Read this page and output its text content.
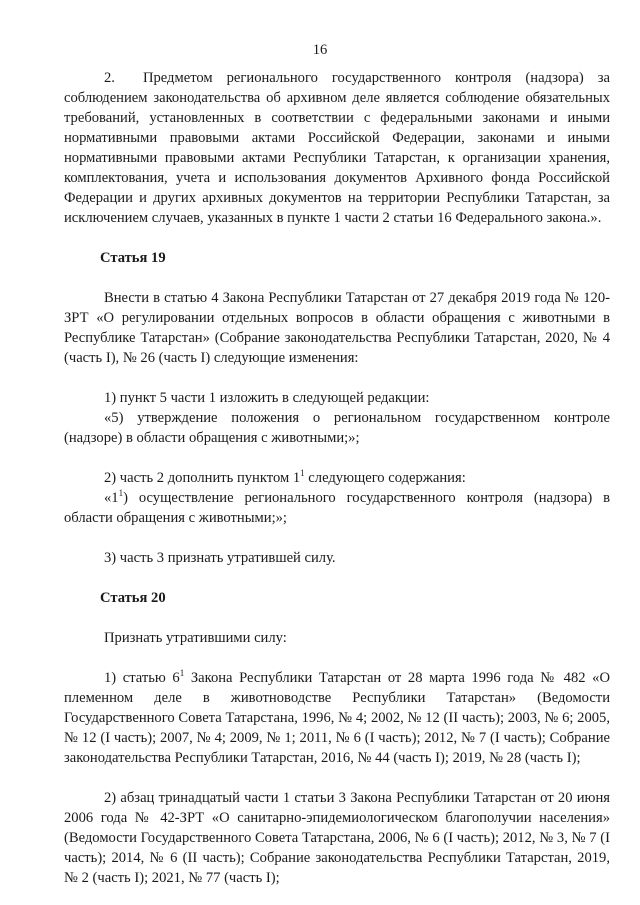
16

2.  Предметом регионального государственного контроля (надзора) за соблюдением законодательства об архивном деле является соблюдение обязательных требований, установленных в соответствии с федеральными законами и иными нормативными правовыми актами Российской Федерации, законами и иными нормативными правовыми актами Республики Татарстан, к организации хранения, комплектования, учета и использования документов Архивного фонда Российской Федерации и других архивных документов на территории Республики Татарстан, за исключением случаев, указанных в пункте 1 части 2 статьи 16 Федерального закона.».

Статья 19

Внести в статью 4 Закона Республики Татарстан от 27 декабря 2019 года № 120-ЗРТ «О регулировании отдельных вопросов в области обращения с животными в Республике Татарстан» (Собрание законодательства Республики Татарстан, 2020, № 4 (часть I), № 26 (часть I) следующие изменения:

1) пункт 5 части 1 изложить в следующей редакции:

«5) утверждение положения о региональном государственном контроле (надзоре) в области обращения с животными;»;

2) часть 2 дополнить пунктом $1^1$ следующего содержания:

«$1^1$) осуществление регионального государственного контроля (надзора) в области обращения с животными;»;

3) часть 3 признать утратившей силу.

Статья 20

Признать утратившими силу:

1) статью $6^1$ Закона Республики Татарстан от 28 марта 1996 года № 482 «О племенном деле в животноводстве Республики Татарстан» (Ведомости Государственного Совета Татарстана, 1996, № 4; 2002, № 12 (II часть); 2003, № 6; 2005, № 12 (I часть); 2007, № 4; 2009, № 1; 2011, № 6 (I часть); 2012, № 7 (I часть); Собрание законодательства Республики Татарстан, 2016, № 44 (часть I); 2019, № 28 (часть I);

2) абзац тринадцатый части 1 статьи 3 Закона Республики Татарстан от 20 июня 2006 года № 42-ЗРТ «О санитарно-эпидемиологическом благополучии населения» (Ведомости Государственного Совета Татарстана, 2006, № 6 (I часть); 2012, № 3, № 7 (I часть); 2014, № 6 (II часть); Собрание законодательства Республики Татарстан, 2019, № 2 (часть I); 2021, № 77 (часть I);
